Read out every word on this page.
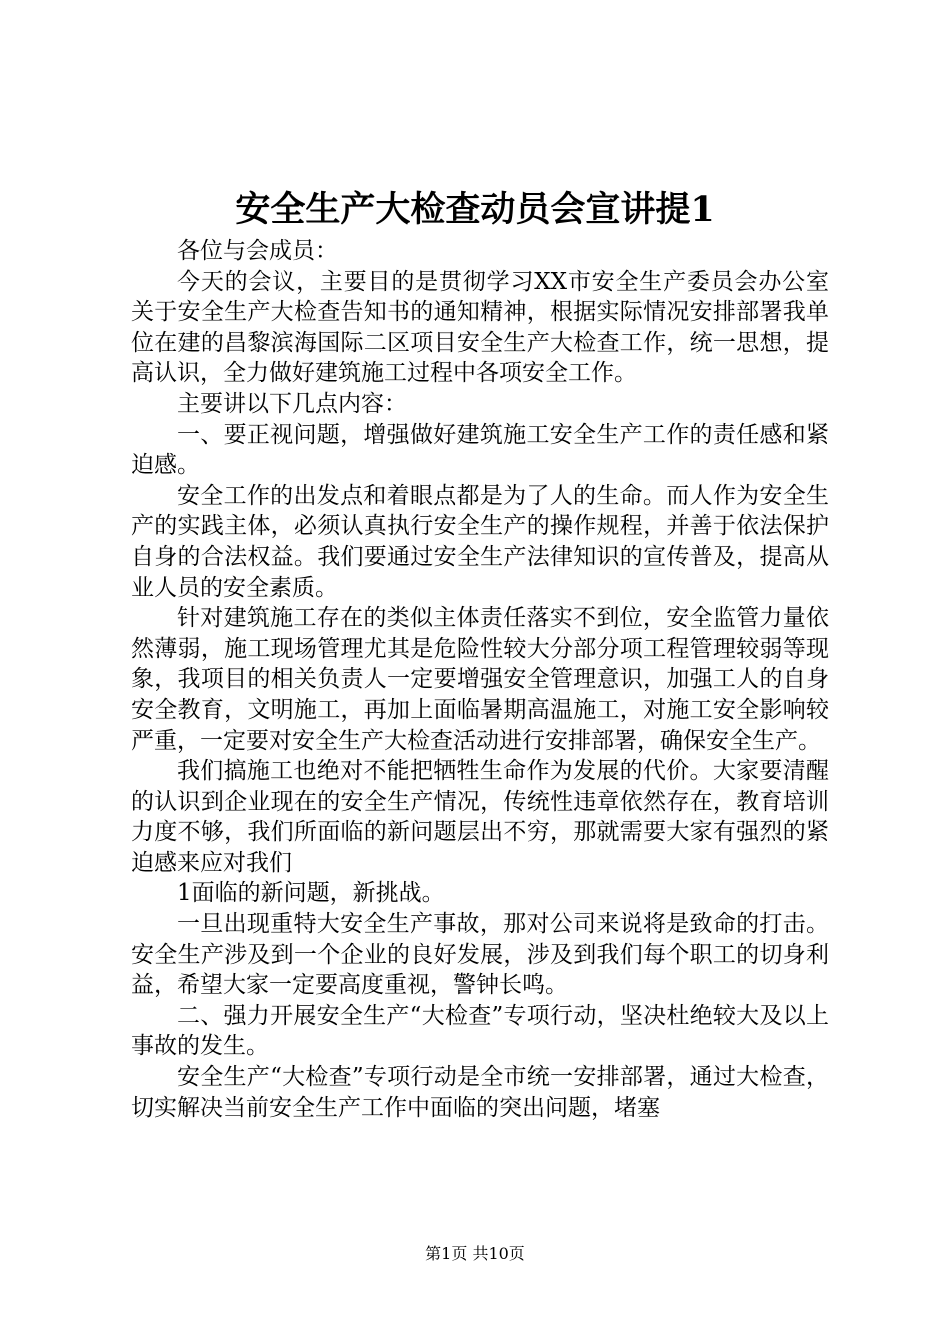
安全生产大检查动员会宣讲提1

各位与会成员：

今天的会议，主要目的是贯彻学习XX市安全生产委员会办公室关于安全生产大检查告知书的通知精神，根据实际情况安排部署我单位在建的昌黎滨海国际二区项目安全生产大检查工作，统一思想，提高认识，全力做好建筑施工过程中各项安全工作。

主要讲以下几点内容：

一、要正视问题，增强做好建筑施工安全生产工作的责任感和紧迫感。

安全工作的出发点和着眼点都是为了人的生命。而人作为安全生产的实践主体，必须认真执行安全生产的操作规程，并善于依法保护自身的合法权益。我们要通过安全生产法律知识的宣传普及，提高从业人员的安全素质。

针对建筑施工存在的类似主体责任落实不到位，安全监管力量依然薄弱，施工现场管理尤其是危险性较大分部分项工程管理较弱等现象，我项目的相关负责人一定要增强安全管理意识，加强工人的自身安全教育，文明施工，再加上面临暑期高温施工，对施工安全影响较严重，一定要对安全生产大检查活动进行安排部署，确保安全生产。

我们搞施工也绝对不能把牺牲生命作为发展的代价。大家要清醒的认识到企业现在的安全生产情况，传统性违章依然存在，教育培训力度不够，我们所面临的新问题层出不穷，那就需要大家有强烈的紧迫感来应对我们

1面临的新问题，新挑战。

一旦出现重特大安全生产事故，那对公司来说将是致命的打击。安全生产涉及到一个企业的良好发展，涉及到我们每个职工的切身利益，希望大家一定要高度重视，警钟长鸣。

二、强力开展安全生产“大检查”专项行动，坚决杜绝较大及以上事故的发生。

安全生产“大检查”专项行动是全市统一安排部署，通过大检查，切实解决当前安全生产工作中面临的突出问题，堵塞

第1页 共10页
